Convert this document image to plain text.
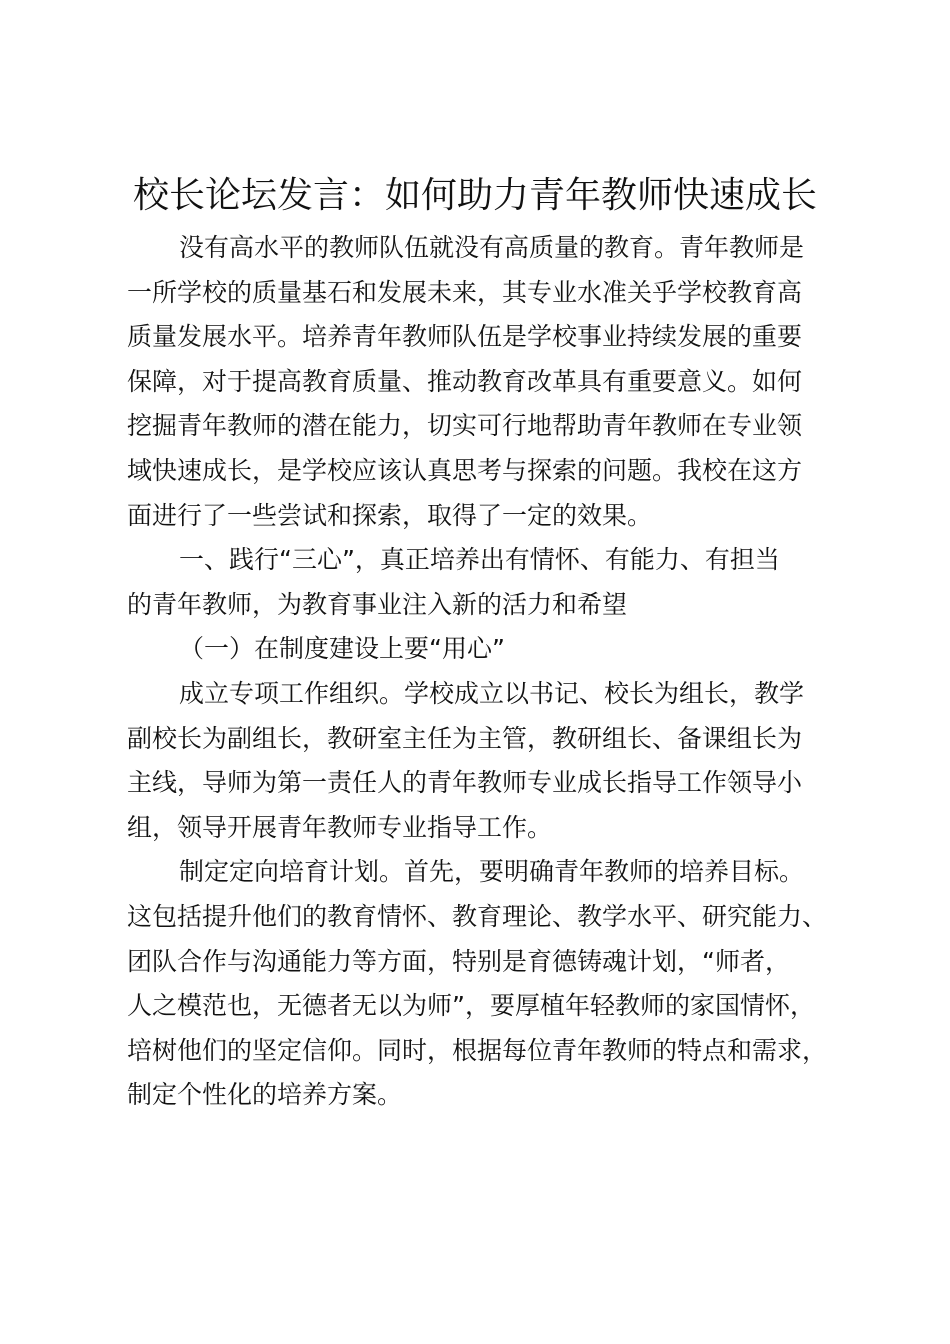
校长论坛发言：如何助力青年教师快速成长
没有高水平的教师队伍就没有高质量的教育。青年教师是
一所学校的质量基石和发展未来，其专业水准关乎学校教育高
质量发展水平。培养青年教师队伍是学校事业持续发展的重要
保障，对于提高教育质量、推动教育改革具有重要意义。如何
挖掘青年教师的潜在能力，切实可行地帮助青年教师在专业领
域快速成长，是学校应该认真思考与探索的问题。我校在这方
面进行了一些尝试和探索，取得了一定的效果。
一、践行“三心”，真正培养出有情怀、有能力、有担当
的青年教师，为教育事业注入新的活力和希望
（一）在制度建设上要“用心”
成立专项工作组织。学校成立以书记、校长为组长，教学
副校长为副组长，教研室主任为主管，教研组长、备课组长为
主线，导师为第一责任人的青年教师专业成长指导工作领导小
组，领导开展青年教师专业指导工作。
制定定向培育计划。首先，要明确青年教师的培养目标。
这包括提升他们的教育情怀、教育理论、教学水平、研究能力、
团队合作与沟通能力等方面，特别是育德铸魂计划，“师者，
人之模范也，无德者无以为师”，要厚植年轻教师的家国情怀，
培树他们的坚定信仰。同时，根据每位青年教师的特点和需求，
制定个性化的培养方案。
